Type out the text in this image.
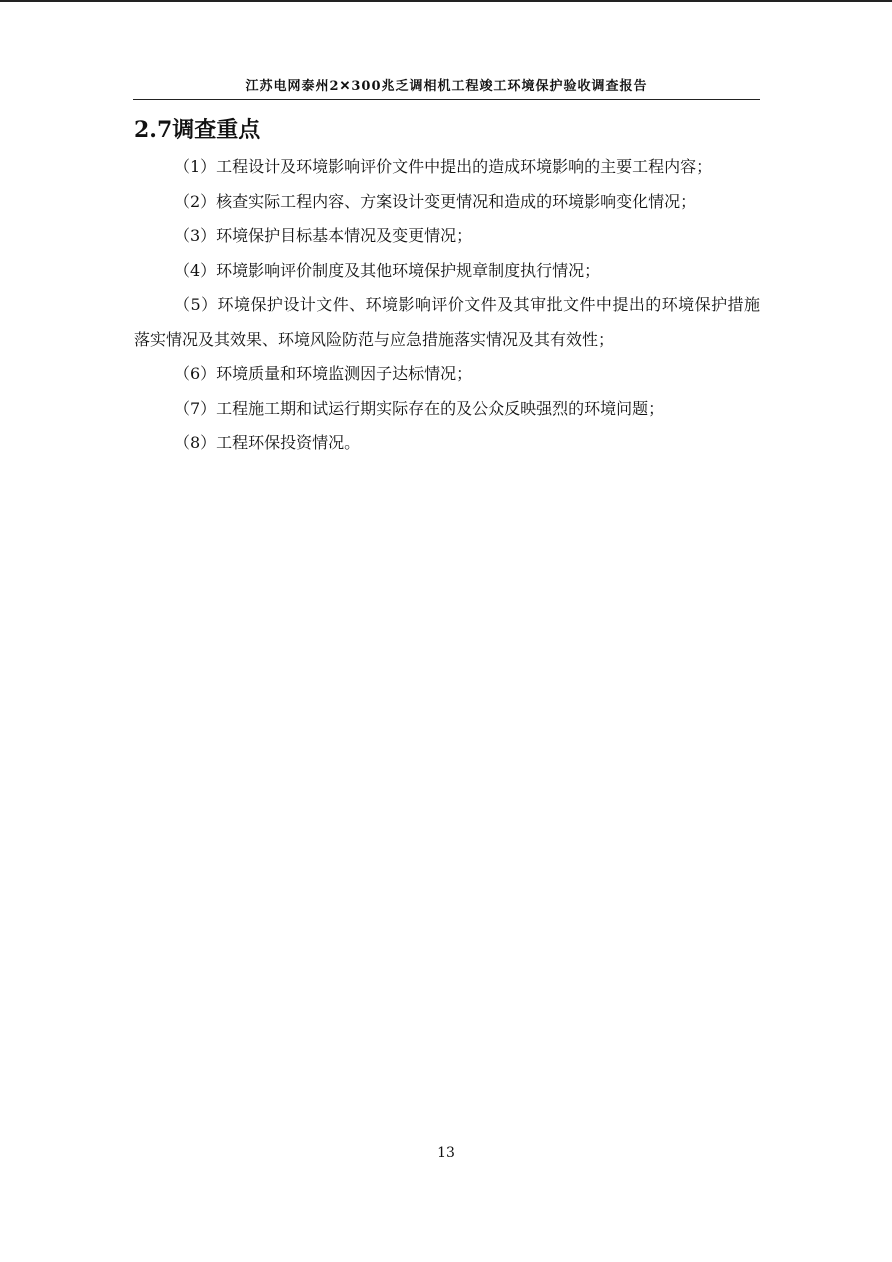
江苏电网泰州2✕300兆乏调相机工程竣工环境保护验收调查报告
2.7调查重点

（1）工程设计及环境影响评价文件中提出的造成环境影响的主要工程内容；

（2）核查实际工程内容、方案设计变更情况和造成的环境影响变化情况；

（3）环境保护目标基本情况及变更情况；

（4）环境影响评价制度及其他环境保护规章制度执行情况；

（5）环境保护设计文件、环境影响评价文件及其审批文件中提出的环境保护措施落实情况及其效果、环境风险防范与应急措施落实情况及其有效性；

（6）环境质量和环境监测因子达标情况；

（7）工程施工期和试运行期实际存在的及公众反映强烈的环境问题；

（8）工程环保投资情况。

13
